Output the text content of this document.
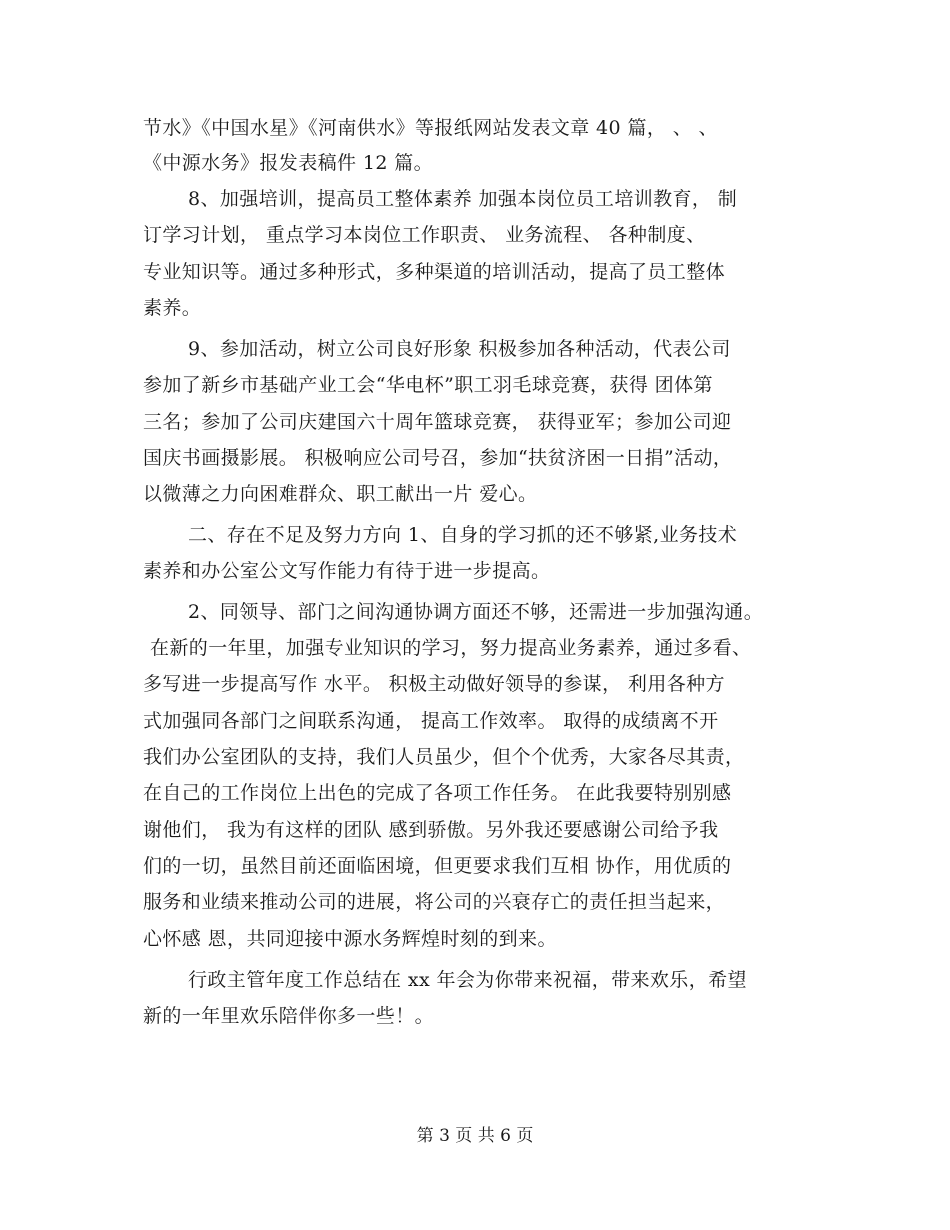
节水》《中国水星》《河南供水》等报纸网站发表文章 40 篇， 、 、
《中源水务》报发表稿件 12 篇。
8、加强培训，提高员工整体素养 加强本岗位员工培训教育， 制
订学习计划， 重点学习本岗位工作职责、 业务流程、 各种制度、
专业知识等。通过多种形式，多种渠道的培训活动，提高了员工整体
素养。
9、参加活动，树立公司良好形象 积极参加各种活动，代表公司
参加了新乡市基础产业工会“华电杯”职工羽毛球竞赛，获得 团体第
三名；参加了公司庆建国六十周年篮球竞赛， 获得亚军；参加公司迎
国庆书画摄影展。 积极响应公司号召，参加“扶贫济困一日捐”活动，
以微薄之力向困难群众、职工献出一片 爱心。
二、存在不足及努力方向 1、自身的学习抓的还不够紧,业务技术
素养和办公室公文写作能力有待于进一步提高。
2、同领导、部门之间沟通协调方面还不够，还需进一步加强沟通。
在新的一年里，加强专业知识的学习，努力提高业务素养，通过多看、
多写进一步提高写作 水平。 积极主动做好领导的参谋， 利用各种方
式加强同各部门之间联系沟通， 提高工作效率。 取得的成绩离不开
我们办公室团队的支持，我们人员虽少，但个个优秀，大家各尽其责，
在自己的工作岗位上出色的完成了各项工作任务。 在此我要特别别感
谢他们， 我为有这样的团队 感到骄傲。另外我还要感谢公司给予我
们的一切，虽然目前还面临困境，但更要求我们互相 协作，用优质的
服务和业绩来推动公司的进展，将公司的兴衰存亡的责任担当起来，
心怀感 恩，共同迎接中源水务辉煌时刻的到来。
行政主管年度工作总结在 xx 年会为你带来祝福，带来欢乐，希望
新的一年里欢乐陪伴你多一些！。
第 3 页 共 6 页
